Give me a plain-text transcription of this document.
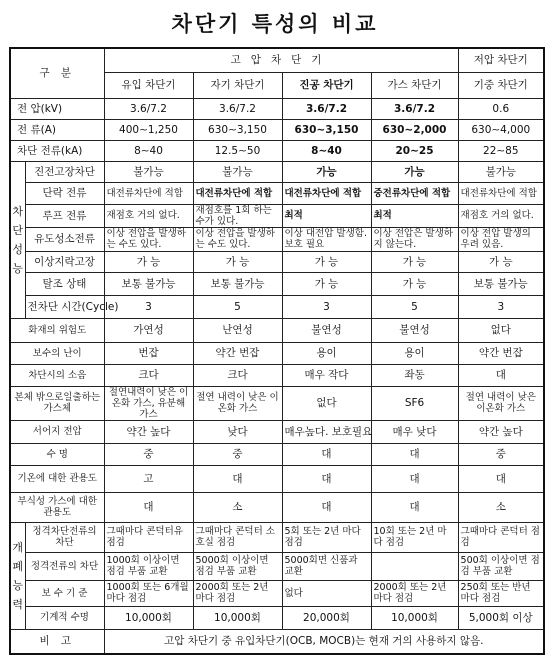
차단기 특성의 비교
구 분		고압차단기				저압 차단기
		유입 차단기	자기 차단기	진공 차단기	가스 차단기	기중 차단기
전 압(kV)		3.6/7.2	3.6/7.2	3.6/7.2	3.6/7.2	0.6
전 류(A)		400∼1,250	630∼3,150	630∼3,150	630∼2,000	630∼4,000
차단 전류(kA)		8∼40	12.5∼50	8∼40	20∼25	22∼85
차단성능	진전고장차단	불가능	불가능	가능	가능	불가능
	단락 전류	대전류차단에 적합	대전류차단에 적합	대전류차단에 적합	중전류차단에 적합	대전류차단에 적합
	루프 전류	재점호 거의 없다.	재점호를 1회 하는 수가 있다.	최적	최적	재점호 거의 없다.
	유도성소전류	이상 전압을 발생하는 수도 있다.	이상 전압을 발생하는 수도 있다.	이상 대전압 발생함. 보호 필요	이상 전압은 발생하지 않는다.	이상 전압 발생의 우려 있음.
	이상지락고장	가 능	가 능	가 능	가 능	가 능
	탈조 상태	보통 불가능	보통 불가능	가 능	가 능	보통 불가능
	전차단 시간(Cycle)	3	5	3	5	3
화재의 위험도		가연성	난연성	불연성	불연성	없다
보수의 난이		번잡	약간 번잡	용이	용이	약간 번잡
차단시의 소음		크다	크다	매우 작다	좌동	대
본체 밖으로일출하는 가스체		절연내력이 낮은 이온화 가스, 유분해 가스	절연 내력이 낮은 이온화 가스	없다	SF6	절연 내력이 낮은 이온화 가스
서어지 전압		약간 높다	낮다	매우높다. 보호필요	매우 낮다	약간 높다
수 명		중	중	대	대	중
기온에 대한 관용도		고	대	대	대	대
부식성 가스에 대한 관용도		대	소	대	대	소
개폐능력	정격차단전류의 차단	그때마다 콘덕터유 점검	그때마다 콘덕터 소호실 점검	5회 또는 2년 마다 점검	10회 또는 2년 마다 점검	그때마다 콘덕터 점검
	정격전류의 차단	1000회 이상이면 점검 부품 교환	5000회 이상이면 점검 부품 교환	5000회면 신품과 교환		500회 이상이면 점검 부품 교환
	보 수 기 준	1000회 또는 6개월 마다 점검	2000회 또는 2년 마다 점검	없다	2000회 또는 2년 마다 점검	250회 또는 반년 마다 점검
	기계적 수명	10,000회	10,000회	20,000회	10,000회	5,000회 이상
비 고		고압 차단기 중 유입차단기(OCB, MOCB)는 현재 거의 사용하지 않음.				
